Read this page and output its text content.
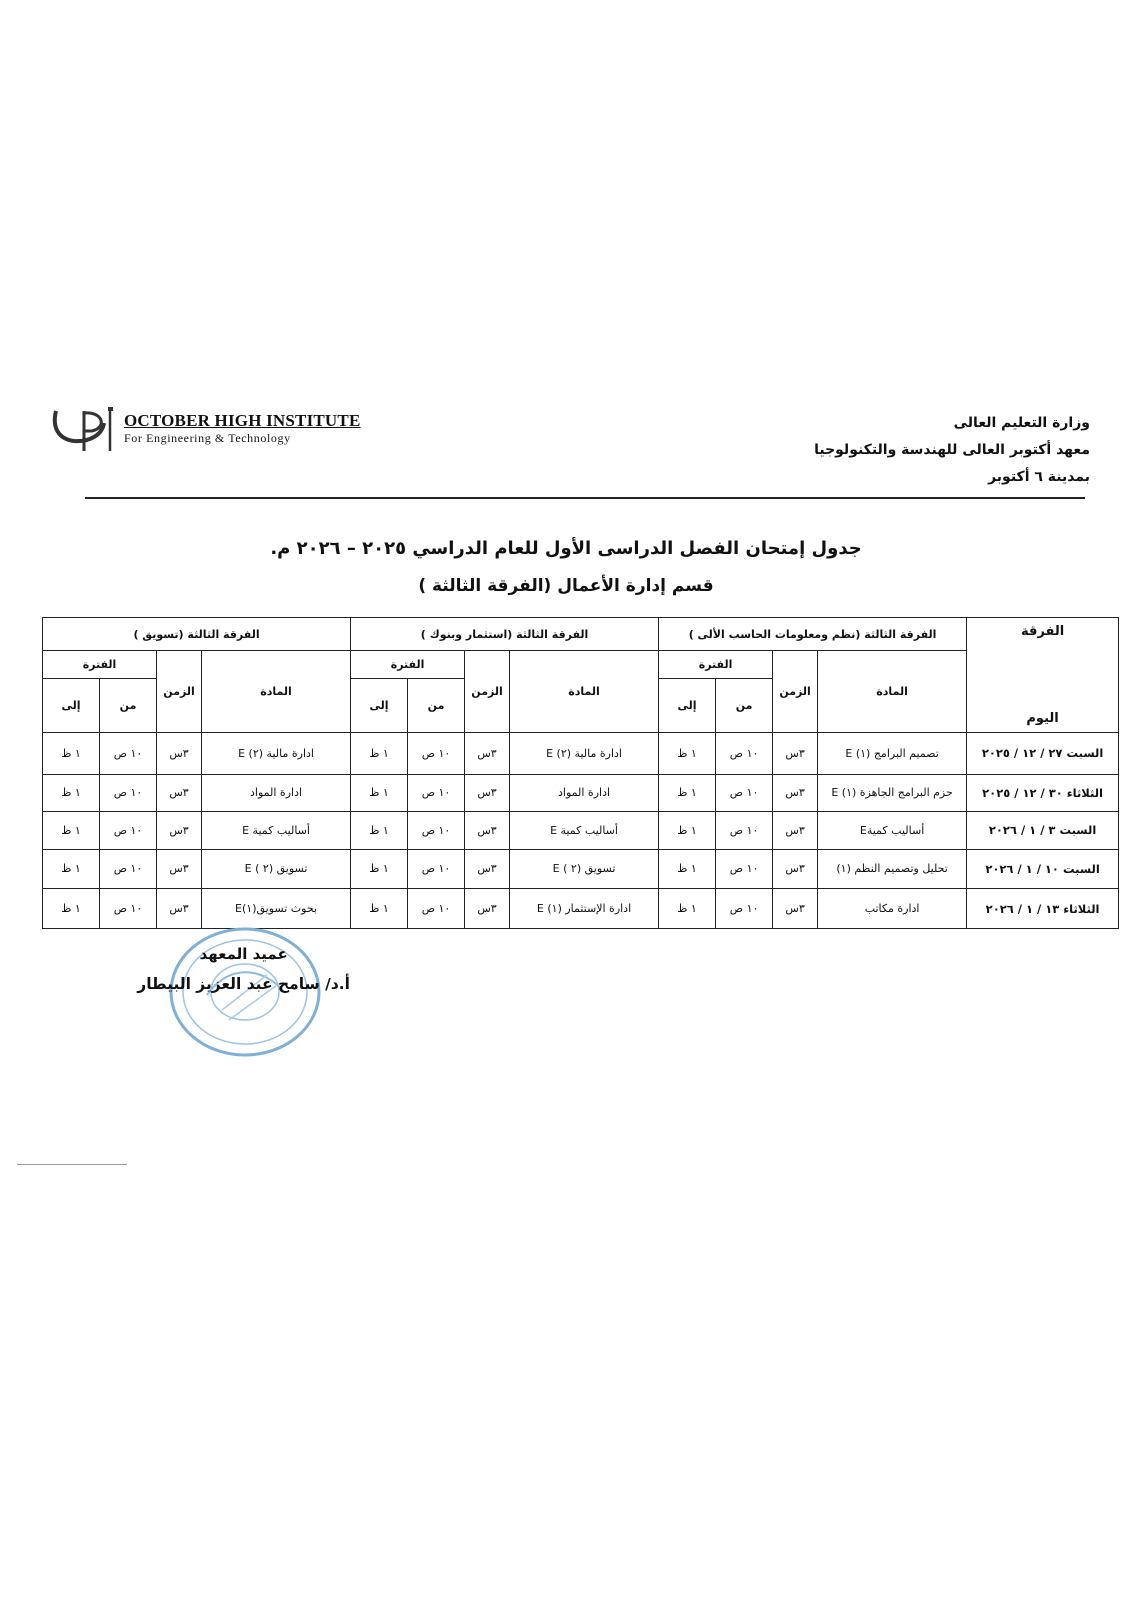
OCTOBER HIGH INSTITUTE
For Engineering & Technology
وزارة التعليم العالى
معهد أكتوبر العالى للهندسة والتكنولوجيا
بمدينة ٦ أكتوبر
جدول إمتحان الفصل الدراسى الأول للعام الدراسي ٢٠٢٥ – ٢٠٢٦ م.
قسم إدارة الأعمال (الفرقة الثالثة )
الفرقة
اليوم	الفرقة الثالثة (نظم ومعلومات الحاسب الألى )				الفرقة الثالثة (استثمار وبنوك )				الفرقة الثالثة (تسويق )			
	المادة	الزمن	الفترة		المادة	الزمن	الفترة		المادة	الزمن	الفترة	
			من	إلى			من	إلى			من	إلى
السبت ٢٧ / ١٢ / ٢٠٢٥	تصميم البرامج (١) E	٣س	١٠ ص	١ ظ	ادارة مالية (٢) E	٣س	١٠ ص	١ ظ	ادارة مالية (٢) E	٣س	١٠ ص	١ ظ
الثلاثاء ٣٠ / ١٢ / ٢٠٢٥	حزم البرامج الجاهزة (١) E	٣س	١٠ ص	١ ظ	ادارة المواد	٣س	١٠ ص	١ ظ	ادارة المواد	٣س	١٠ ص	١ ظ
السبت ٣ / ١ / ٢٠٢٦	أساليب كميةE	٣س	١٠ ص	١ ظ	أساليب كمية E	٣س	١٠ ص	١ ظ	أساليب كمية E	٣س	١٠ ص	١ ظ
السبت ١٠ / ١ / ٢٠٢٦	تحليل وتصميم النظم (١)	٣س	١٠ ص	١ ظ	تسويق (٢ ) E	٣س	١٠ ص	١ ظ	تسويق (٢ ) E	٣س	١٠ ص	١ ظ
الثلاثاء ١٣ / ١ / ٢٠٢٦	ادارة مكاتب	٣س	١٠ ص	١ ظ	ادارة الإستثمار (١) E	٣س	١٠ ص	١ ظ	بحوث تسويق(١)E	٣س	١٠ ص	١ ظ
عميد المعهد
أ.د/ سامح عبد العزيز البيطار
